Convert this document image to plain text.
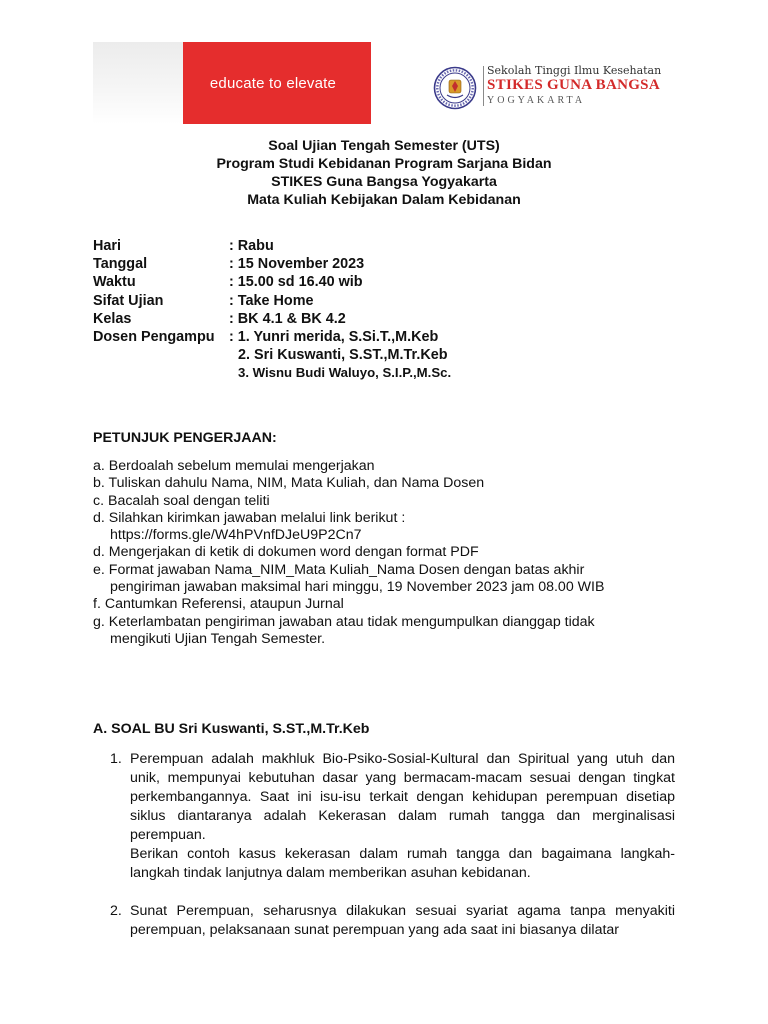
educate to elevate
Sekolah Tinggi Ilmu Kesehatan
STIKES GUNA BANGSA
YOGYAKARTA
Soal Ujian Tengah Semester (UTS)
Program Studi Kebidanan Program Sarjana Bidan
STIKES Guna Bangsa Yogyakarta
Mata Kuliah Kebijakan Dalam Kebidanan
Hari	: Rabu
Tanggal	: 15 November 2023
Waktu	: 15.00 sd 16.40 wib
Sifat Ujian	: Take Home
Kelas	: BK 4.1 & BK 4.2
Dosen Pengampu : 1. Yunri merida, S.Si.T.,M.Keb
2. Sri Kuswanti, S.ST.,M.Tr.Keb
3. Wisnu Budi Waluyo, S.I.P.,M.Sc.
PETUNJUK PENGERJAAN:
a. Berdoalah sebelum memulai mengerjakan
b. Tuliskan dahulu Nama, NIM, Mata Kuliah, dan Nama Dosen
c. Bacalah soal dengan teliti
d. Silahkan kirimkan jawaban melalui link berikut :
https://forms.gle/W4hPVnfDJeU9P2Cn7
d. Mengerjakan di ketik di dokumen word dengan format PDF
e. Format jawaban Nama_NIM_Mata Kuliah_Nama Dosen dengan batas akhir
pengiriman jawaban maksimal hari minggu, 19 November 2023 jam 08.00 WIB
f. Cantumkan Referensi, ataupun Jurnal
g. Keterlambatan pengiriman jawaban atau tidak mengumpulkan dianggap tidak
mengikuti Ujian Tengah Semester.
A. SOAL BU Sri Kuswanti, S.ST.,M.Tr.Keb
1. Perempuan adalah makhluk Bio-Psiko-Sosial-Kultural dan Spiritual yang utuh dan unik, mempunyai kebutuhan dasar yang bermacam-macam sesuai dengan tingkat perkembangannya. Saat ini isu-isu terkait dengan kehidupan perempuan disetiap siklus diantaranya adalah Kekerasan dalam rumah tangga dan merginalisasi perempuan.

Berikan contoh kasus kekerasan dalam rumah tangga dan bagaimana langkah-langkah tindak lanjutnya dalam memberikan asuhan kebidanan.

2. Sunat Perempuan, seharusnya dilakukan sesuai syariat agama tanpa menyakiti perempuan, pelaksanaan sunat perempuan yang ada saat ini biasanya dilatar
